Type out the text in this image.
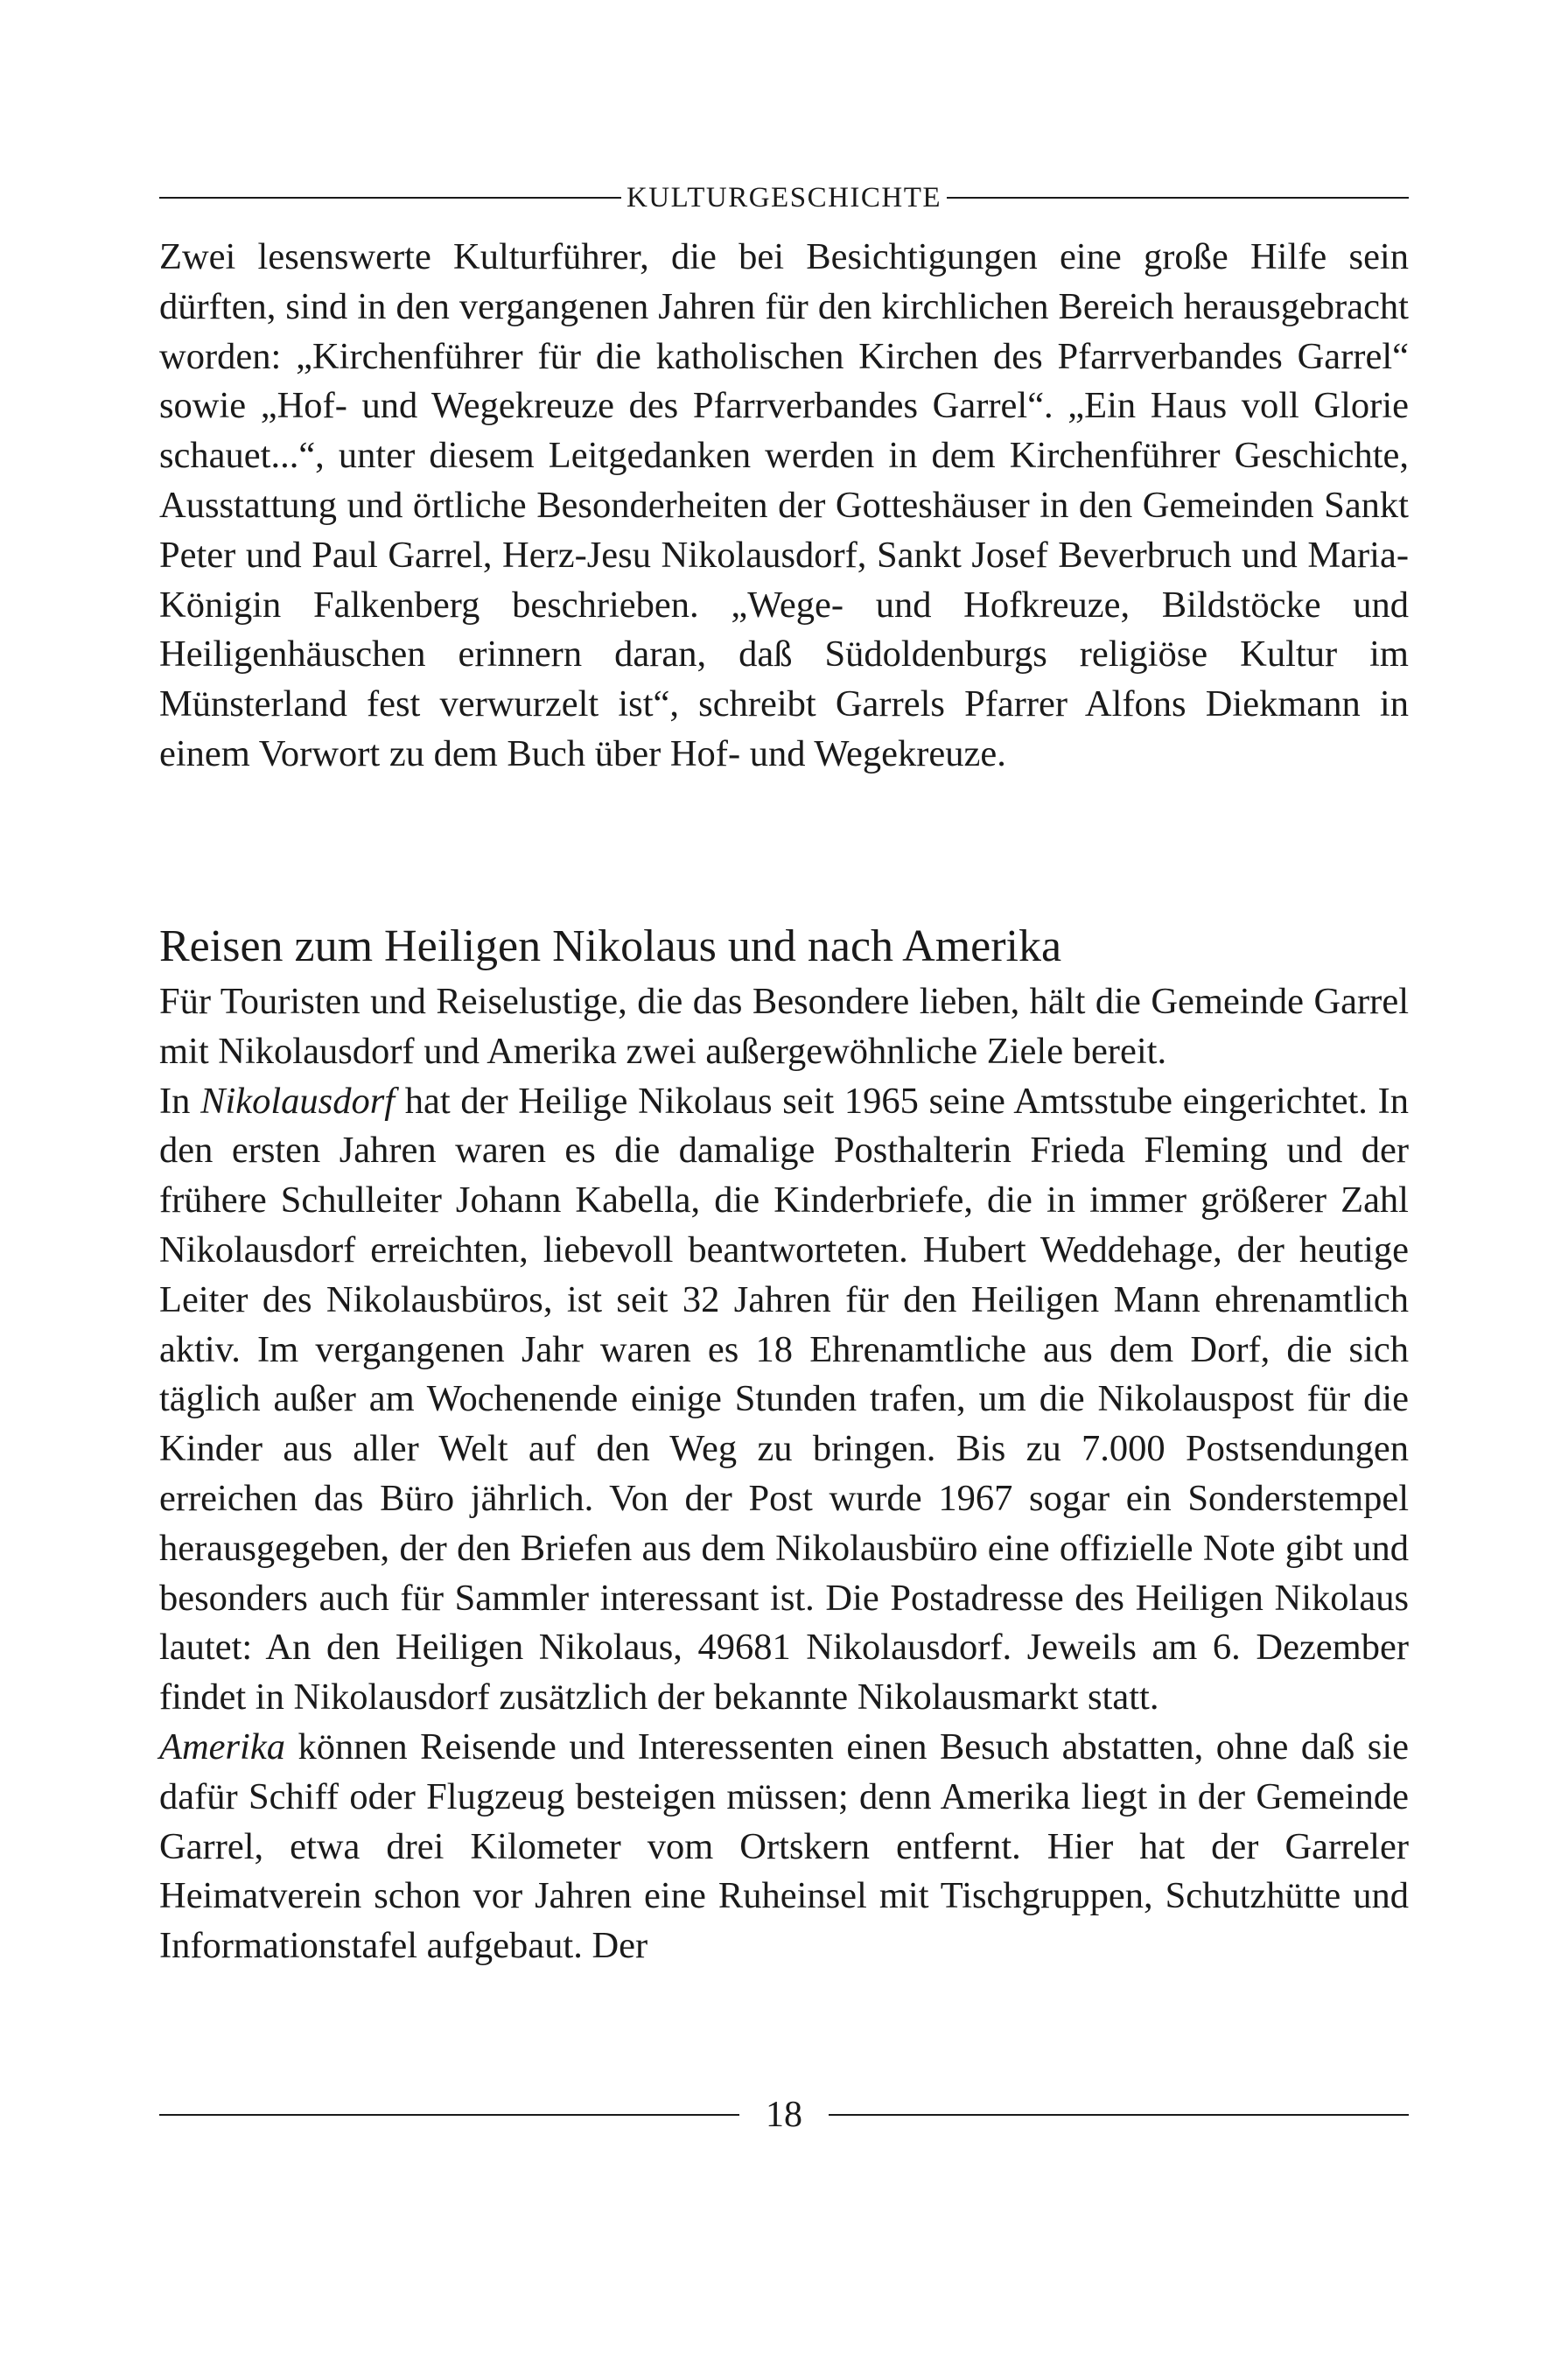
KULTURGESCHICHTE

Zwei lesenswerte Kulturführer, die bei Besichtigungen eine große Hilfe sein dürften, sind in den vergangenen Jahren für den kirchlichen Bereich herausgebracht worden: „Kirchenführer für die katholischen Kirchen des Pfarrverbandes Garrel“ sowie „Hof- und Wegekreuze des Pfarrverbandes Garrel“. „Ein Haus voll Glorie schauet...“, unter diesem Leitgedanken werden in dem Kirchenführer Geschichte, Ausstattung und örtliche Besonderheiten der Gotteshäuser in den Gemeinden Sankt Peter und Paul Garrel, Herz-Jesu Nikolausdorf, Sankt Josef Beverbruch und Maria-Königin Falkenberg beschrieben. „Wege- und Hofkreuze, Bildstöcke und Heiligenhäuschen erinnern daran, daß Südoldenburgs religiöse Kultur im Münsterland fest verwurzelt ist“, schreibt Garrels Pfarrer Alfons Diekmann in einem Vorwort zu dem Buch über Hof- und Wegekreuze.

Reisen zum Heiligen Nikolaus und nach Amerika

Für Touristen und Reiselustige, die das Besondere lieben, hält die Gemeinde Garrel mit Nikolausdorf und Amerika zwei außergewöhnliche Ziele bereit.

In Nikolausdorf hat der Heilige Nikolaus seit 1965 seine Amtsstube eingerichtet. In den ersten Jahren waren es die damalige Posthalterin Frieda Fleming und der frühere Schulleiter Johann Kabella, die Kinderbriefe, die in immer größerer Zahl Nikolausdorf erreichten, liebevoll beantworteten. Hubert Weddehage, der heutige Leiter des Nikolausbüros, ist seit 32 Jahren für den Heiligen Mann ehrenamtlich aktiv. Im vergangenen Jahr waren es 18 Ehrenamtliche aus dem Dorf, die sich täglich außer am Wochenende einige Stunden trafen, um die Nikolauspost für die Kinder aus aller Welt auf den Weg zu bringen. Bis zu 7.000 Postsendungen erreichen das Büro jährlich. Von der Post wurde 1967 sogar ein Sonderstempel herausgegeben, der den Briefen aus dem Nikolausbüro eine offizielle Note gibt und besonders auch für Sammler interessant ist. Die Postadresse des Heiligen Nikolaus lautet: An den Heiligen Nikolaus, 49681 Nikolausdorf. Jeweils am 6. Dezember findet in Nikolausdorf zusätzlich der bekannte Nikolausmarkt statt.

Amerika können Reisende und Interessenten einen Besuch abstatten, ohne daß sie dafür Schiff oder Flugzeug besteigen müssen; denn Amerika liegt in der Gemeinde Garrel, etwa drei Kilometer vom Ortskern entfernt. Hier hat der Garreler Heimatverein schon vor Jahren eine Ruheinsel mit Tischgruppen, Schutzhütte und Informationstafel aufgebaut. Der

18
